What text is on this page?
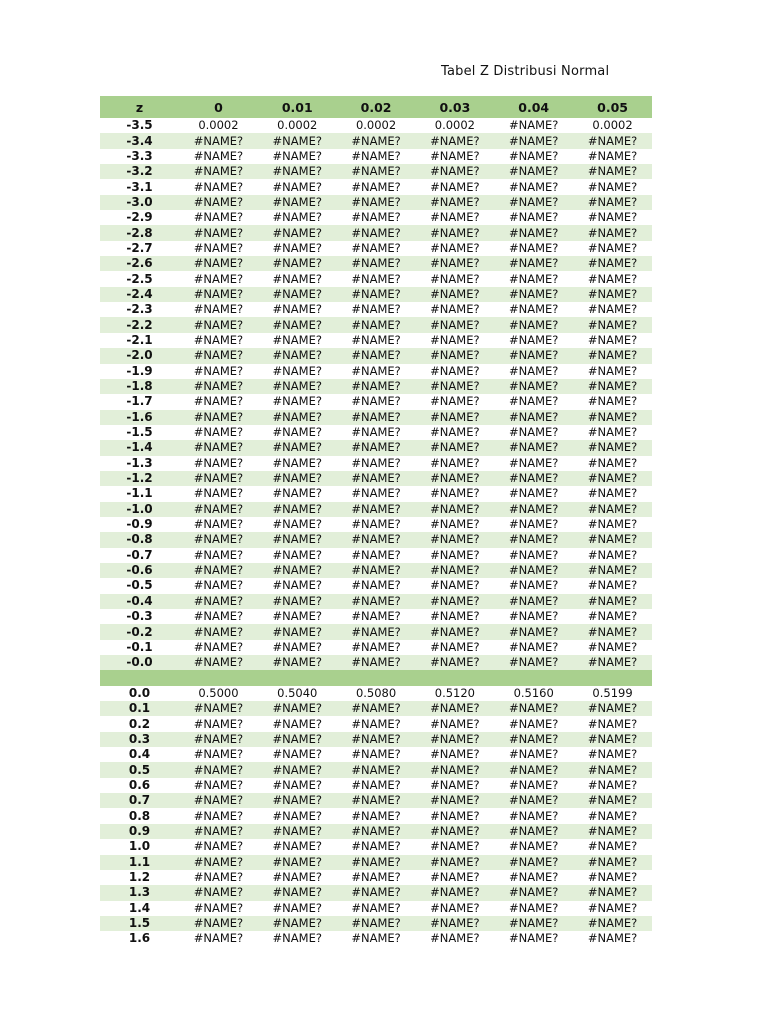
Tabel Z Distribusi Normal
z	0	0.01	0.02	0.03	0.04	0.05
-3.5	0.0002	0.0002	0.0002	0.0002	#NAME?	0.0002
-3.4	#NAME?	#NAME?	#NAME?	#NAME?	#NAME?	#NAME?
-3.3	#NAME?	#NAME?	#NAME?	#NAME?	#NAME?	#NAME?
-3.2	#NAME?	#NAME?	#NAME?	#NAME?	#NAME?	#NAME?
-3.1	#NAME?	#NAME?	#NAME?	#NAME?	#NAME?	#NAME?
-3.0	#NAME?	#NAME?	#NAME?	#NAME?	#NAME?	#NAME?
-2.9	#NAME?	#NAME?	#NAME?	#NAME?	#NAME?	#NAME?
-2.8	#NAME?	#NAME?	#NAME?	#NAME?	#NAME?	#NAME?
-2.7	#NAME?	#NAME?	#NAME?	#NAME?	#NAME?	#NAME?
-2.6	#NAME?	#NAME?	#NAME?	#NAME?	#NAME?	#NAME?
-2.5	#NAME?	#NAME?	#NAME?	#NAME?	#NAME?	#NAME?
-2.4	#NAME?	#NAME?	#NAME?	#NAME?	#NAME?	#NAME?
-2.3	#NAME?	#NAME?	#NAME?	#NAME?	#NAME?	#NAME?
-2.2	#NAME?	#NAME?	#NAME?	#NAME?	#NAME?	#NAME?
-2.1	#NAME?	#NAME?	#NAME?	#NAME?	#NAME?	#NAME?
-2.0	#NAME?	#NAME?	#NAME?	#NAME?	#NAME?	#NAME?
-1.9	#NAME?	#NAME?	#NAME?	#NAME?	#NAME?	#NAME?
-1.8	#NAME?	#NAME?	#NAME?	#NAME?	#NAME?	#NAME?
-1.7	#NAME?	#NAME?	#NAME?	#NAME?	#NAME?	#NAME?
-1.6	#NAME?	#NAME?	#NAME?	#NAME?	#NAME?	#NAME?
-1.5	#NAME?	#NAME?	#NAME?	#NAME?	#NAME?	#NAME?
-1.4	#NAME?	#NAME?	#NAME?	#NAME?	#NAME?	#NAME?
-1.3	#NAME?	#NAME?	#NAME?	#NAME?	#NAME?	#NAME?
-1.2	#NAME?	#NAME?	#NAME?	#NAME?	#NAME?	#NAME?
-1.1	#NAME?	#NAME?	#NAME?	#NAME?	#NAME?	#NAME?
-1.0	#NAME?	#NAME?	#NAME?	#NAME?	#NAME?	#NAME?
-0.9	#NAME?	#NAME?	#NAME?	#NAME?	#NAME?	#NAME?
-0.8	#NAME?	#NAME?	#NAME?	#NAME?	#NAME?	#NAME?
-0.7	#NAME?	#NAME?	#NAME?	#NAME?	#NAME?	#NAME?
-0.6	#NAME?	#NAME?	#NAME?	#NAME?	#NAME?	#NAME?
-0.5	#NAME?	#NAME?	#NAME?	#NAME?	#NAME?	#NAME?
-0.4	#NAME?	#NAME?	#NAME?	#NAME?	#NAME?	#NAME?
-0.3	#NAME?	#NAME?	#NAME?	#NAME?	#NAME?	#NAME?
-0.2	#NAME?	#NAME?	#NAME?	#NAME?	#NAME?	#NAME?
-0.1	#NAME?	#NAME?	#NAME?	#NAME?	#NAME?	#NAME?
-0.0	#NAME?	#NAME?	#NAME?	#NAME?	#NAME?	#NAME?

0.0	0.5000	0.5040	0.5080	0.5120	0.5160	0.5199
0.1	#NAME?	#NAME?	#NAME?	#NAME?	#NAME?	#NAME?
0.2	#NAME?	#NAME?	#NAME?	#NAME?	#NAME?	#NAME?
0.3	#NAME?	#NAME?	#NAME?	#NAME?	#NAME?	#NAME?
0.4	#NAME?	#NAME?	#NAME?	#NAME?	#NAME?	#NAME?
0.5	#NAME?	#NAME?	#NAME?	#NAME?	#NAME?	#NAME?
0.6	#NAME?	#NAME?	#NAME?	#NAME?	#NAME?	#NAME?
0.7	#NAME?	#NAME?	#NAME?	#NAME?	#NAME?	#NAME?
0.8	#NAME?	#NAME?	#NAME?	#NAME?	#NAME?	#NAME?
0.9	#NAME?	#NAME?	#NAME?	#NAME?	#NAME?	#NAME?
1.0	#NAME?	#NAME?	#NAME?	#NAME?	#NAME?	#NAME?
1.1	#NAME?	#NAME?	#NAME?	#NAME?	#NAME?	#NAME?
1.2	#NAME?	#NAME?	#NAME?	#NAME?	#NAME?	#NAME?
1.3	#NAME?	#NAME?	#NAME?	#NAME?	#NAME?	#NAME?
1.4	#NAME?	#NAME?	#NAME?	#NAME?	#NAME?	#NAME?
1.5	#NAME?	#NAME?	#NAME?	#NAME?	#NAME?	#NAME?
1.6	#NAME?	#NAME?	#NAME?	#NAME?	#NAME?	#NAME?
